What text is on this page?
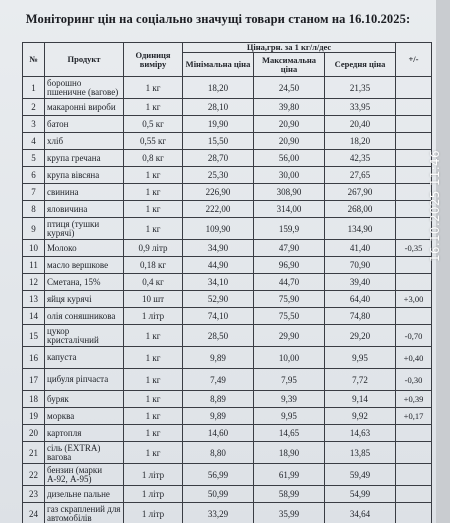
Моніторинг цін на соціально значущі товари станом на 16.10.2025:
№	Продукт	Одиниця виміру	Ціна,грн. за 1 кг/л/дес			+/-
			Мінімальна ціна	Максимальна ціна	Середня ціна	
1	борошно пшеничне (вагове)	1 кг	18,20	24,50	21,35	
2	макаронні вироби	1 кг	28,10	39,80	33,95	
3	батон	0,5 кг	19,90	20,90	20,40	
4	хліб	0,55 кг	15,50	20,90	18,20	
5	крупа гречана	0,8 кг	28,70	56,00	42,35	
6	крупа вівсяна	1 кг	25,30	30,00	27,65	
7	свинина	1 кг	226,90	308,90	267,90	
8	яловичина	1 кг	222,00	314,00	268,00	
9	птиця (тушки курячі)	1 кг	109,90	159,9	134,90	
10	Молоко	0,9 літр	34,90	47,90	41,40	-0,35
11	масло вершкове	0,18 кг	44,90	96,90	70,90	
12	Сметана, 15%	0,4 кг	34,10	44,70	39,40	
13	яйця курячі	10 шт	52,90	75,90	64,40	+3,00
14	олія соняшникова	1 літр	74,10	75,50	74,80	
15	цукор кристалічний	1 кг	28,50	29,90	29,20	-0,70
16	капуста	1 кг	9,89	10,00	9,95	+0,40
17	цибуля ріпчаста	1 кг	7,49	7,95	7,72	-0,30
18	буряк	1 кг	8,89	9,39	9,14	+0,39
19	морква	1 кг	9,89	9,95	9,92	+0,17
20	картопля	1 кг	14,60	14,65	14,63	
21	сіль (EXTRA) вагова	1 кг	8,80	18,90	13,85	
22	бензин (марки А-92, А-95)	1 літр	56,99	61,99	59,49	
23	дизельне пальне	1 літр	50,99	58,99	54,99	
24	газ скраплений для автомобілів	1 літр	33,29	35,99	34,64	
16.10.2025 11:46
